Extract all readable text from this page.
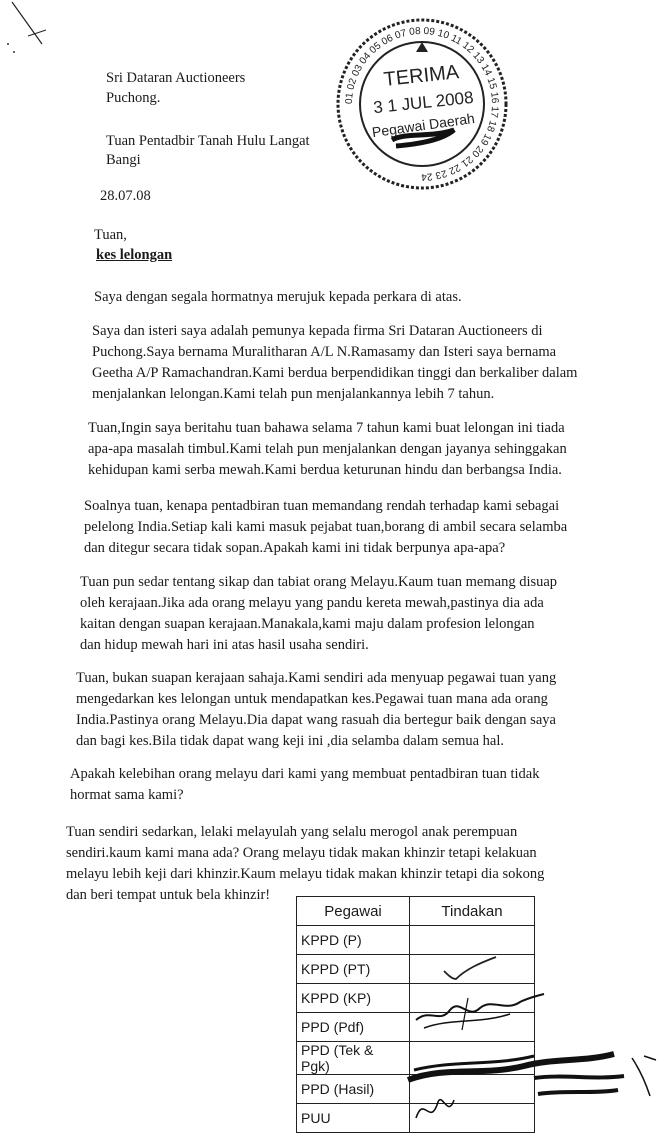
Sri Dataran Auctioneers
Puchong.
Tuan Pentadbir Tanah Hulu Langat
Bangi
28.07.08
Tuan,
kes lelongan
Saya dengan segala hormatnya merujuk kepada perkara di atas.
Saya dan isteri saya adalah pemunya kepada firma Sri Dataran Auctioneers di
Puchong.Saya bernama Muralitharan A/L N.Ramasamy dan Isteri saya bernama
Geetha A/P Ramachandran.Kami berdua berpendidikan tinggi dan berkaliber dalam
menjalankan lelongan.Kami telah pun menjalankannya lebih 7 tahun.
Tuan,Ingin saya beritahu tuan bahawa selama 7 tahun kami buat lelongan ini tiada
apa-apa masalah timbul.Kami telah pun menjalankan dengan jayanya sehinggakan
kehidupan kami serba mewah.Kami berdua keturunan hindu dan berbangsa India.
Soalnya tuan, kenapa pentadbiran tuan memandang rendah terhadap kami sebagai
pelelong India.Setiap kali kami masuk pejabat tuan,borang di ambil secara selamba
dan ditegur secara tidak sopan.Apakah kami ini tidak berpunya apa-apa?
Tuan pun sedar tentang sikap dan tabiat orang Melayu.Kaum tuan memang disuap
oleh kerajaan.Jika ada orang melayu yang pandu kereta mewah,pastinya dia ada
kaitan dengan suapan kerajaan.Manakala,kami maju dalam profesion lelongan
dan hidup mewah hari ini atas hasil usaha sendiri.
Tuan, bukan suapan kerajaan sahaja.Kami sendiri ada menyuap pegawai tuan yang
mengedarkan kes lelongan untuk mendapatkan kes.Pegawai tuan mana ada orang
India.Pastinya orang Melayu.Dia dapat wang rasuah dia bertegur baik dengan saya
dan bagi kes.Bila tidak dapat wang keji ini ,dia selamba dalam semua hal.
Apakah kelebihan orang melayu dari kami yang membuat pentadbiran tuan tidak
hormat sama kami?
Tuan sendiri sedarkan, lelaki melayulah yang selalu merogol anak perempuan
sendiri.kaum kami mana ada? Orang melayu tidak makan khinzir tetapi kelakuan
melayu lebih keji dari khinzir.Kaum melayu tidak makan khinzir tetapi dia sokong
dan beri tempat untuk bela khinzir!
01 02 03 04 05 06 07 08 09 10 11 12 13 14 15 16 17 18 19 20 21 22 23 24
TERIMA
3 1 JUL 2008
Pegawai Daerah
Pegawai	Tindakan
KPPD (P)	
KPPD (PT)	

KPPD (KP)	
PPD (Pdf)	
PPD (Tek & Pgk)	
PPD (Hasil)	
PUU	
